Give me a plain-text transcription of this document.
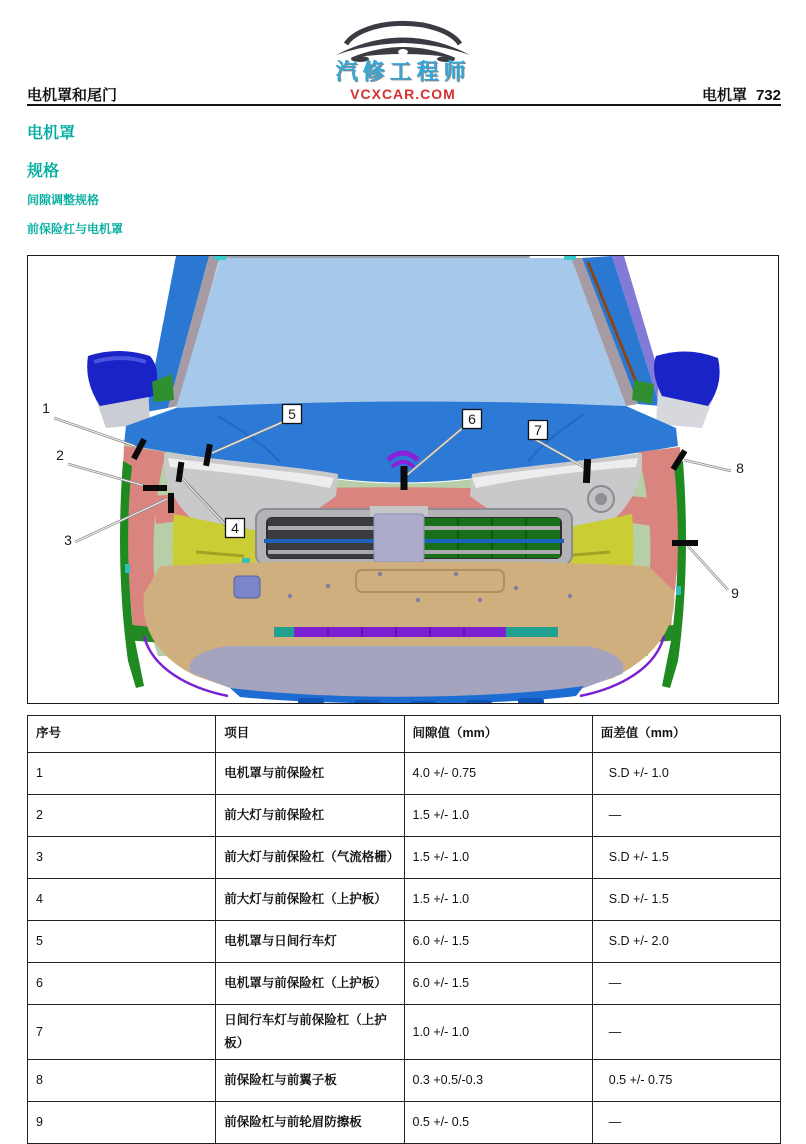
汽修工程师
VCXCAR.COM
电机罩和尾门	电机罩 732
电机罩
规格
间隙调整规格
前保险杠与电机罩
1
2
3
4
5	6
7
8
9
序号	项目	间隙值（mm）	面差值（mm）
1	电机罩与前保险杠	4.0 +/- 0.75	S.D +/- 1.0
2	前大灯与前保险杠	1.5 +/- 1.0	—
3	前大灯与前保险杠（气流格栅）	1.5 +/- 1.0	S.D +/- 1.5
4	前大灯与前保险杠（上护板）	1.5 +/- 1.0	S.D +/- 1.5
5	电机罩与日间行车灯	6.0 +/- 1.5	S.D +/- 2.0
6	电机罩与前保险杠（上护板）	6.0 +/- 1.5	—
7	日间行车灯与前保险杠（上护板）	1.0 +/- 1.0	—
8	前保险杠与前翼子板	0.3 +0.5/-0.3	0.5 +/- 0.75
9	前保险杠与前轮眉防擦板	0.5 +/- 0.5	—
